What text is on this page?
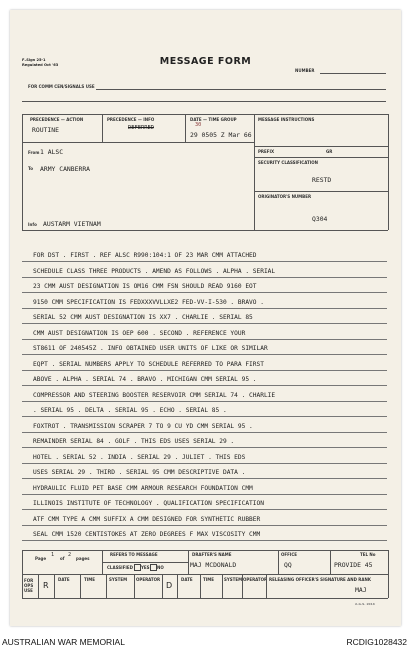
F–Sign 25-1
Regulated Oct '63	MESSAGE FORM
NUMBER
FOR COMM CEN/SIGNALS USE
PRECEDENCE — ACTION
ROUTINE
PRECEDENCE — INFO
DEFERRED
DATE — TIME GROUP
30
29 0505 Z Mar 66
MESSAGE INSTRUCTIONS
PREFIX	GR
From 1 ALSC
To ARMY CANBERRA
SECURITY CLASSIFICATION
RESTD
ORIGINATOR'S NUMBER
Q304
Info AUSTARM VIETNAM
FOR DST . FIRST . REF ALSC R990:104:1 OF 23 MAR CMM ATTACHED
SCHEDULE CLASS THREE PRODUCTS . AMEND AS FOLLOWS . ALPHA . SERIAL
23 CMM AUST DESIGNATION IS OM16 CMM FSN SHOULD READ 9160 EOT
9150 CMM SPECIFICATION IS FEDXXXVVLLXE2 FED-VV-I-530 . BRAVO .
SERIAL 52 CMM AUST DESIGNATION IS XX7 . CHARLIE . SERIAL 85
CMM AUST DESIGNATION IS OEP 600 . SECOND . REFERENCE YOUR
ST8611 OF 240545Z . INFO OBTAINED USER UNITS OF LIKE OR SIMILAR
EQPT . SERIAL NUMBERS APPLY TO SCHEDULE REFERRED TO PARA FIRST
ABOVE . ALPHA . SERIAL 74 . BRAVO . MICHIGAN CMM SERIAL 95 .
COMPRESSOR AND STEERING BOOSTER RESERVOIR CMM SERIAL 74 . CHARLIE
. SERIAL 95 . DELTA . SERIAL 95 . ECHO . SERIAL 85 .
FOXTROT . TRANSMISSION SCRAPER 7 TO 9 CU YD CMM SERIAL 95 .
REMAINDER SERIAL 84 . GOLF . THIS EDS USES SERIAL 29 .
HOTEL . SERIAL 52 . INDIA . SERIAL 29 . JULIET . THIS EDS
USES SERIAL 29 . THIRD . SERIAL 95 CMM DESCRIPTIVE DATA .
HYDRAULIC FLUID PET BASE CMM ARMOUR RESEARCH FOUNDATION CMM
ILLINOIS INSTITUTE OF TECHNOLOGY . QUALIFICATION SPECIFICATION
ATF CMM TYPE A CMM SUFFIX A CMM DESIGNED FOR SYNTHETIC RUBBER
SEAL CMM 1520 CENTISTOKES AT ZERO DEGREES F MAX VISCOSITY CMM
Page
1
of
2
pages
REFERS TO MESSAGE
CLASSIFIED YES NO
DRAFTER'S NAME
MAJ MCDONALD
OFFICE
QQ
TEL No
PROVIDE 45
FOR OPS USE
R
DATE	TIME	SYSTEM OPERATOR
D
DATE	TIME	SYSTEM OPERATOR RELEASING OFFICER'S SIGNATURE AND RANK
MAJ
A.G.S. 2016
AUSTRALIAN WAR MEMORIAL	RCDIG1028432
